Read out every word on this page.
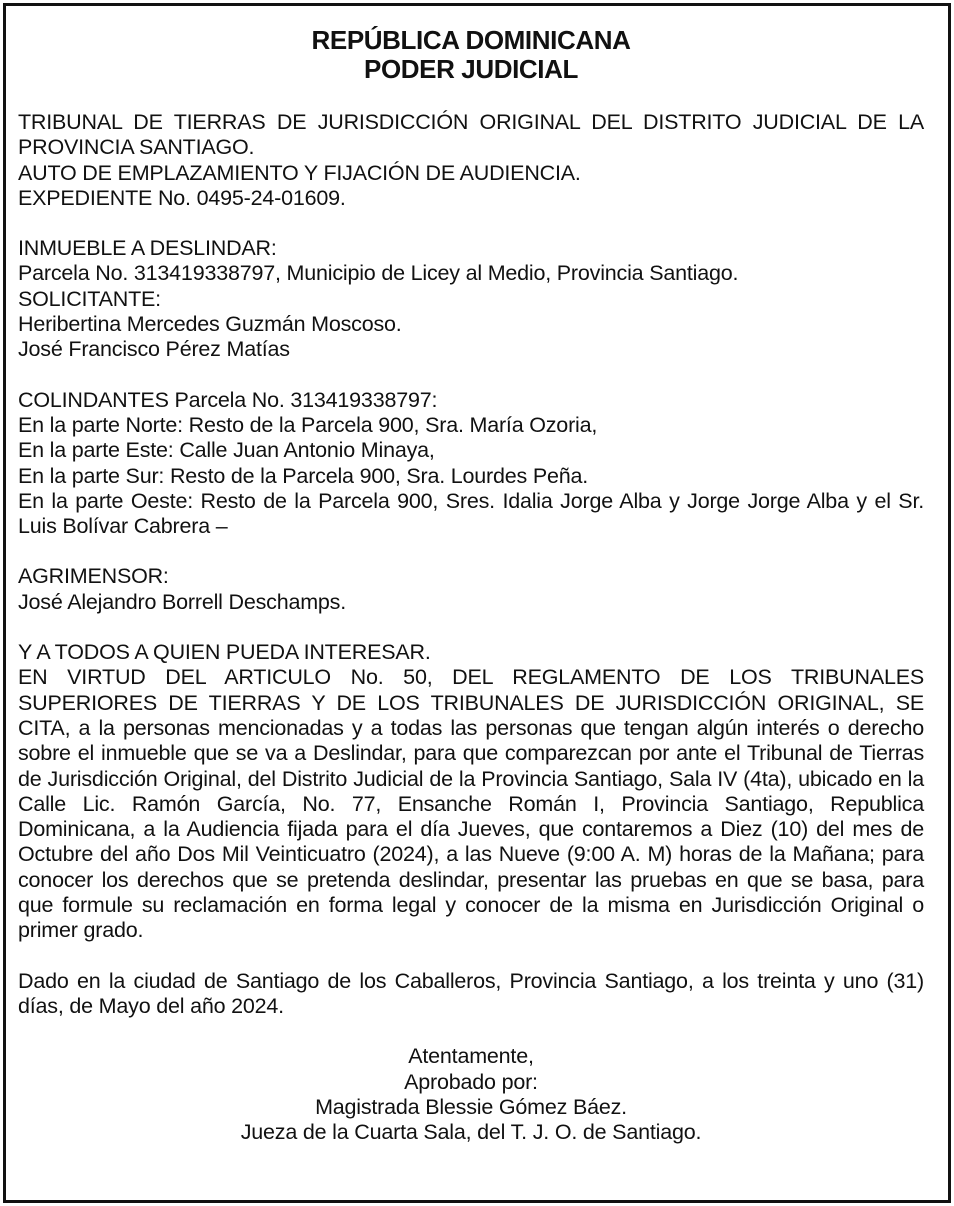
REPÚBLICA DOMINICANA
PODER JUDICIAL
TRIBUNAL DE TIERRAS DE JURISDICCIÓN ORIGINAL DEL DISTRITO JUDICIAL DE LA PROVINCIA SANTIAGO.
AUTO DE EMPLAZAMIENTO Y FIJACIÓN DE AUDIENCIA.
EXPEDIENTE No. 0495-24-01609.
INMUEBLE A DESLINDAR:
Parcela No. 313419338797, Municipio de Licey al Medio, Provincia Santiago.
SOLICITANTE:
Heribertina Mercedes Guzmán Moscoso.
José Francisco Pérez Matías
COLINDANTES Parcela No. 313419338797:
En la parte Norte: Resto de la Parcela 900, Sra. María Ozoria,
En la parte Este: Calle Juan Antonio Minaya,
En la parte Sur: Resto de la Parcela 900, Sra. Lourdes Peña.
En la parte Oeste: Resto de la Parcela 900, Sres. Idalia Jorge Alba y Jorge Jorge Alba y el Sr. Luis Bolívar Cabrera –
AGRIMENSOR:
José Alejandro Borrell Deschamps.
Y A TODOS A QUIEN PUEDA INTERESAR.
EN VIRTUD DEL ARTICULO No. 50, DEL REGLAMENTO DE LOS TRIBUNALES SUPERIORES DE TIERRAS Y DE LOS TRIBUNALES DE JURISDICCIÓN ORIGINAL, SE CITA, a la personas mencionadas y a todas las personas que tengan algún interés o derecho sobre el inmueble que se va a Deslindar, para que comparezcan por ante el Tribunal de Tierras de Jurisdicción Original, del Distrito Judicial de la Provincia Santiago, Sala IV (4ta), ubicado en la Calle Lic. Ramón García, No. 77, Ensanche Román I, Provincia Santiago, Republica Dominicana, a la Audiencia fijada para el día Jueves, que contaremos a Diez (10) del mes de Octubre del año Dos Mil Veinticuatro (2024), a las Nueve (9:00 A. M) horas de la Mañana; para conocer los derechos que se pretenda deslindar, presentar las pruebas en que se basa, para que formule su reclamación en forma legal y conocer de la misma en Jurisdicción Original o primer grado.
Dado en la ciudad de Santiago de los Caballeros, Provincia Santiago, a los treinta y uno (31) días, de Mayo del año 2024.
Atentamente,
Aprobado por:
Magistrada Blessie Gómez Báez.
Jueza de la Cuarta Sala, del T. J. O. de Santiago.
